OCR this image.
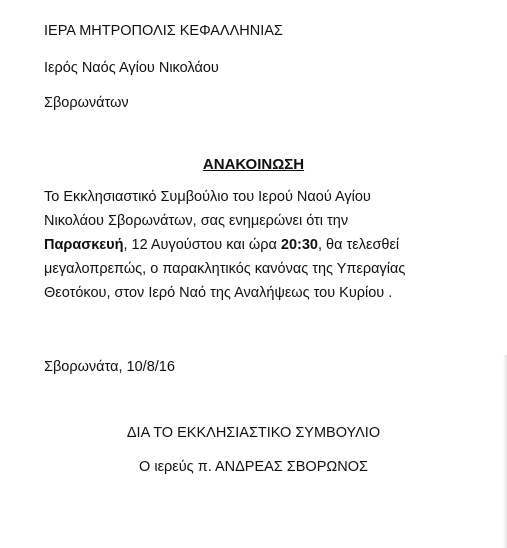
ΙΕΡΑ ΜΗΤΡΟΠΟΛΙΣ ΚΕΦΑΛΛΗΝΙΑΣ
Ιερός Ναός Αγίου Νικολάου
Σβορωνάτων
ΑΝΑΚΟΙΝΩΣΗ
Το Εκκλησιαστικό Συμβούλιο του Ιερού Ναού Αγίου
Νικολάου Σβορωνάτων, σας ενημερώνει ότι την
Παρασκευή, 12 Αυγούστου και ώρα 20:30, θα τελεσθεί
μεγαλοπρεπώς, ο παρακλητικός κανόνας της Υπεραγίας
Θεοτόκου, στον Ιερό Ναό της Αναλήψεως του Κυρίου .
Σβορωνάτα, 10/8/16
ΔΙΑ ΤΟ ΕΚΚΛΗΣΙΑΣΤΙΚΟ ΣΥΜΒΟΥΛΙΟ
Ο ιερεύς π. ΑΝΔΡΕΑΣ ΣΒΟΡΩΝΟΣ
